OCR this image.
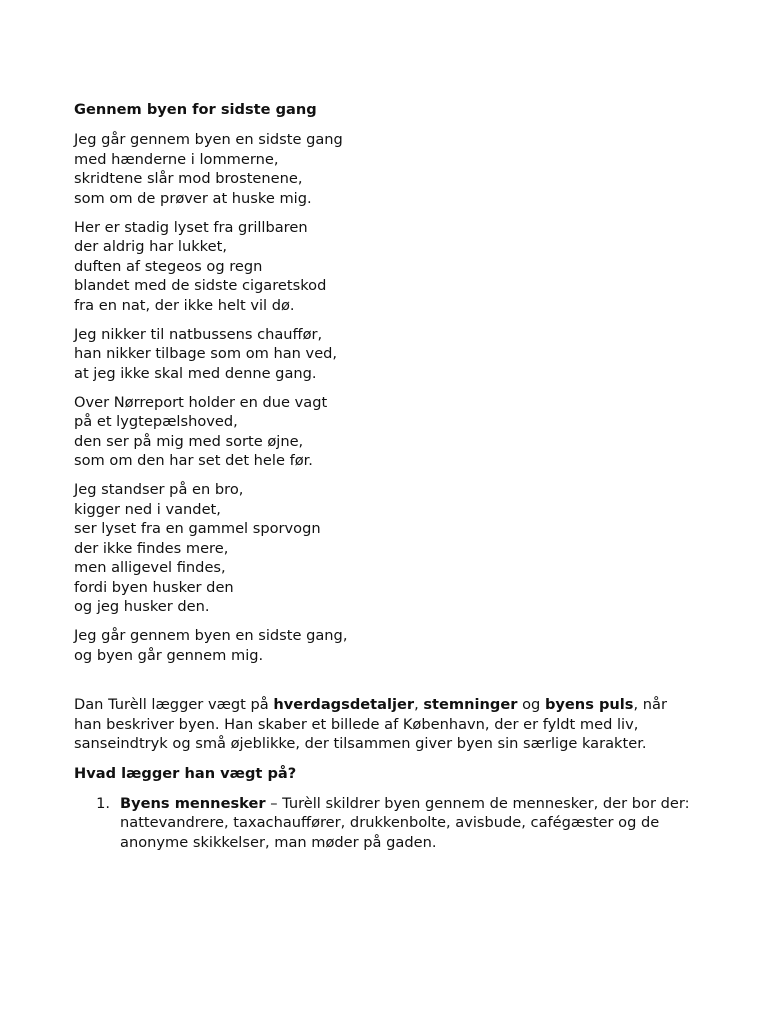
Gennem byen for sidste gang
Jeg går gennem byen en sidste gang
med hænderne i lommerne,
skridtene slår mod brostenene,
som om de prøver at huske mig.
Her er stadig lyset fra grillbaren
der aldrig har lukket,
duften af stegeos og regn
blandet med de sidste cigaretskod
fra en nat, der ikke helt vil dø.
Jeg nikker til natbussens chauffør,
han nikker tilbage som om han ved,
at jeg ikke skal med denne gang.
Over Nørreport holder en due vagt
på et lygtepælshoved,
den ser på mig med sorte øjne,
som om den har set det hele før.
Jeg standser på en bro,
kigger ned i vandet,
ser lyset fra en gammel sporvogn
der ikke findes mere,
men alligevel findes,
fordi byen husker den
og jeg husker den.
Jeg går gennem byen en sidste gang,
og byen går gennem mig.
Dan Turèll lægger vægt på hverdagsdetaljer, stemninger og byens puls, når han beskriver byen. Han skaber et billede af København, der er fyldt med liv, sanseindtryk og små øjeblikke, der tilsammen giver byen sin særlige karakter.
Hvad lægger han vægt på?
1. Byens mennesker – Turèll skildrer byen gennem de mennesker, der bor der: nattevandrere, taxachauffører, drukkenbolte, avisbude, cafégæster og de anonyme skikkelser, man møder på gaden.
